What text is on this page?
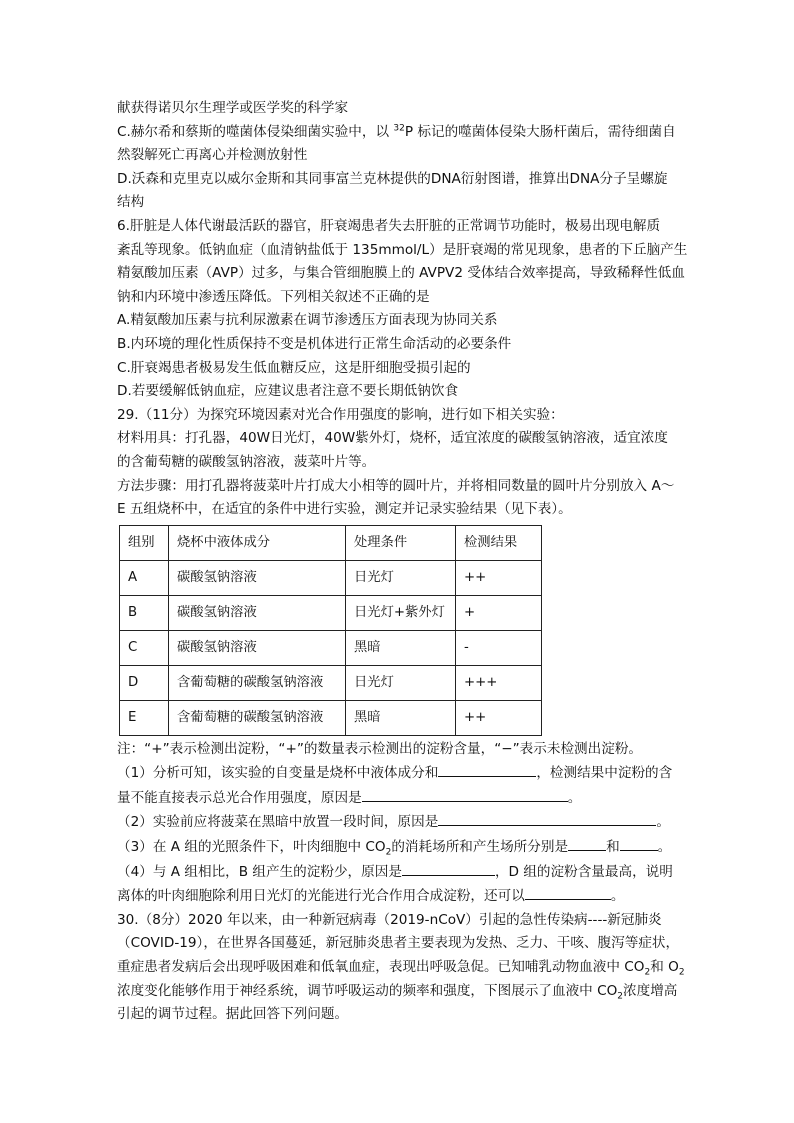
献获得诺贝尔生理学或医学奖的科学家
C.赫尔希和蔡斯的噬菌体侵染细菌实验中，以 $^{32}$P 标记的噬菌体侵染大肠杆菌后，需待细菌自
然裂解死亡再离心并检测放射性
D.沃森和克里克以威尔金斯和其同事富兰克林提供的DNA衍射图谱，推算出DNA分子呈螺旋
结构
6.肝脏是人体代谢最活跃的器官，肝衰竭患者失去肝脏的正常调节功能时，极易出现电解质
紊乱等现象。低钠血症（血清钠盐低于 135mmol/L）是肝衰竭的常见现象，患者的下丘脑产生
精氨酸加压素（AVP）过多，与集合管细胞膜上的 AVPV2 受体结合效率提高，导致稀释性低血
钠和内环境中渗透压降低。下列相关叙述不正确的是
A.精氨酸加压素与抗利尿激素在调节渗透压方面表现为协同关系
B.内环境的理化性质保持不变是机体进行正常生命活动的必要条件
C.肝衰竭患者极易发生低血糖反应，这是肝细胞受损引起的
D.若要缓解低钠血症，应建议患者注意不要长期低钠饮食
29.（11分）为探究环境因素对光合作用强度的影响，进行如下相关实验：
材料用具：打孔器，40W日光灯，40W紫外灯，烧杯，适宜浓度的碳酸氢钠溶液，适宜浓度
的含葡萄糖的碳酸氢钠溶液，菠菜叶片等。
方法步骤：用打孔器将菠菜叶片打成大小相等的圆叶片，并将相同数量的圆叶片分别放入 A～
E 五组烧杯中，在适宜的条件中进行实验，测定并记录实验结果（见下表）。
组别	烧杯中液体成分	处理条件	检测结果
A	碳酸氢钠溶液	日光灯	++
B	碳酸氢钠溶液	日光灯+紫外灯	+
C	碳酸氢钠溶液	黑暗	-
D	含葡萄糖的碳酸氢钠溶液	日光灯	+++
E	含葡萄糖的碳酸氢钠溶液	黑暗	++
注：“+”表示检测出淀粉，“+”的数量表示检测出的淀粉含量，“−”表示未检测出淀粉。
（1）分析可知，该实验的自变量是烧杯中液体成分和	，检测结果中淀粉的含
量不能直接表示总光合作用强度，原因是	。
（2）实验前应将菠菜在黑暗中放置一段时间，原因是	。
（3）在 A 组的光照条件下，叶肉细胞中 $CO_2$的消耗场所和产生场所分别是	和	。
（4）与 A 组相比，B 组产生的淀粉少，原因是	，D 组的淀粉含量最高，说明
离体的叶肉细胞除利用日光灯的光能进行光合作用合成淀粉，还可以	。
30.（8分）2020 年以来，由一种新冠病毒（2019-nCoV）引起的急性传染病----新冠肺炎
（COVID-19），在世界各国蔓延，新冠肺炎患者主要表现为发热、乏力、干咳、腹泻等症状，
重症患者发病后会出现呼吸困难和低氧血症，表现出呼吸急促。已知哺乳动物血液中 $CO_2$和 $O_2$
浓度变化能够作用于神经系统，调节呼吸运动的频率和强度，下图展示了血液中 $CO_2$浓度增高
引起的调节过程。据此回答下列问题。
